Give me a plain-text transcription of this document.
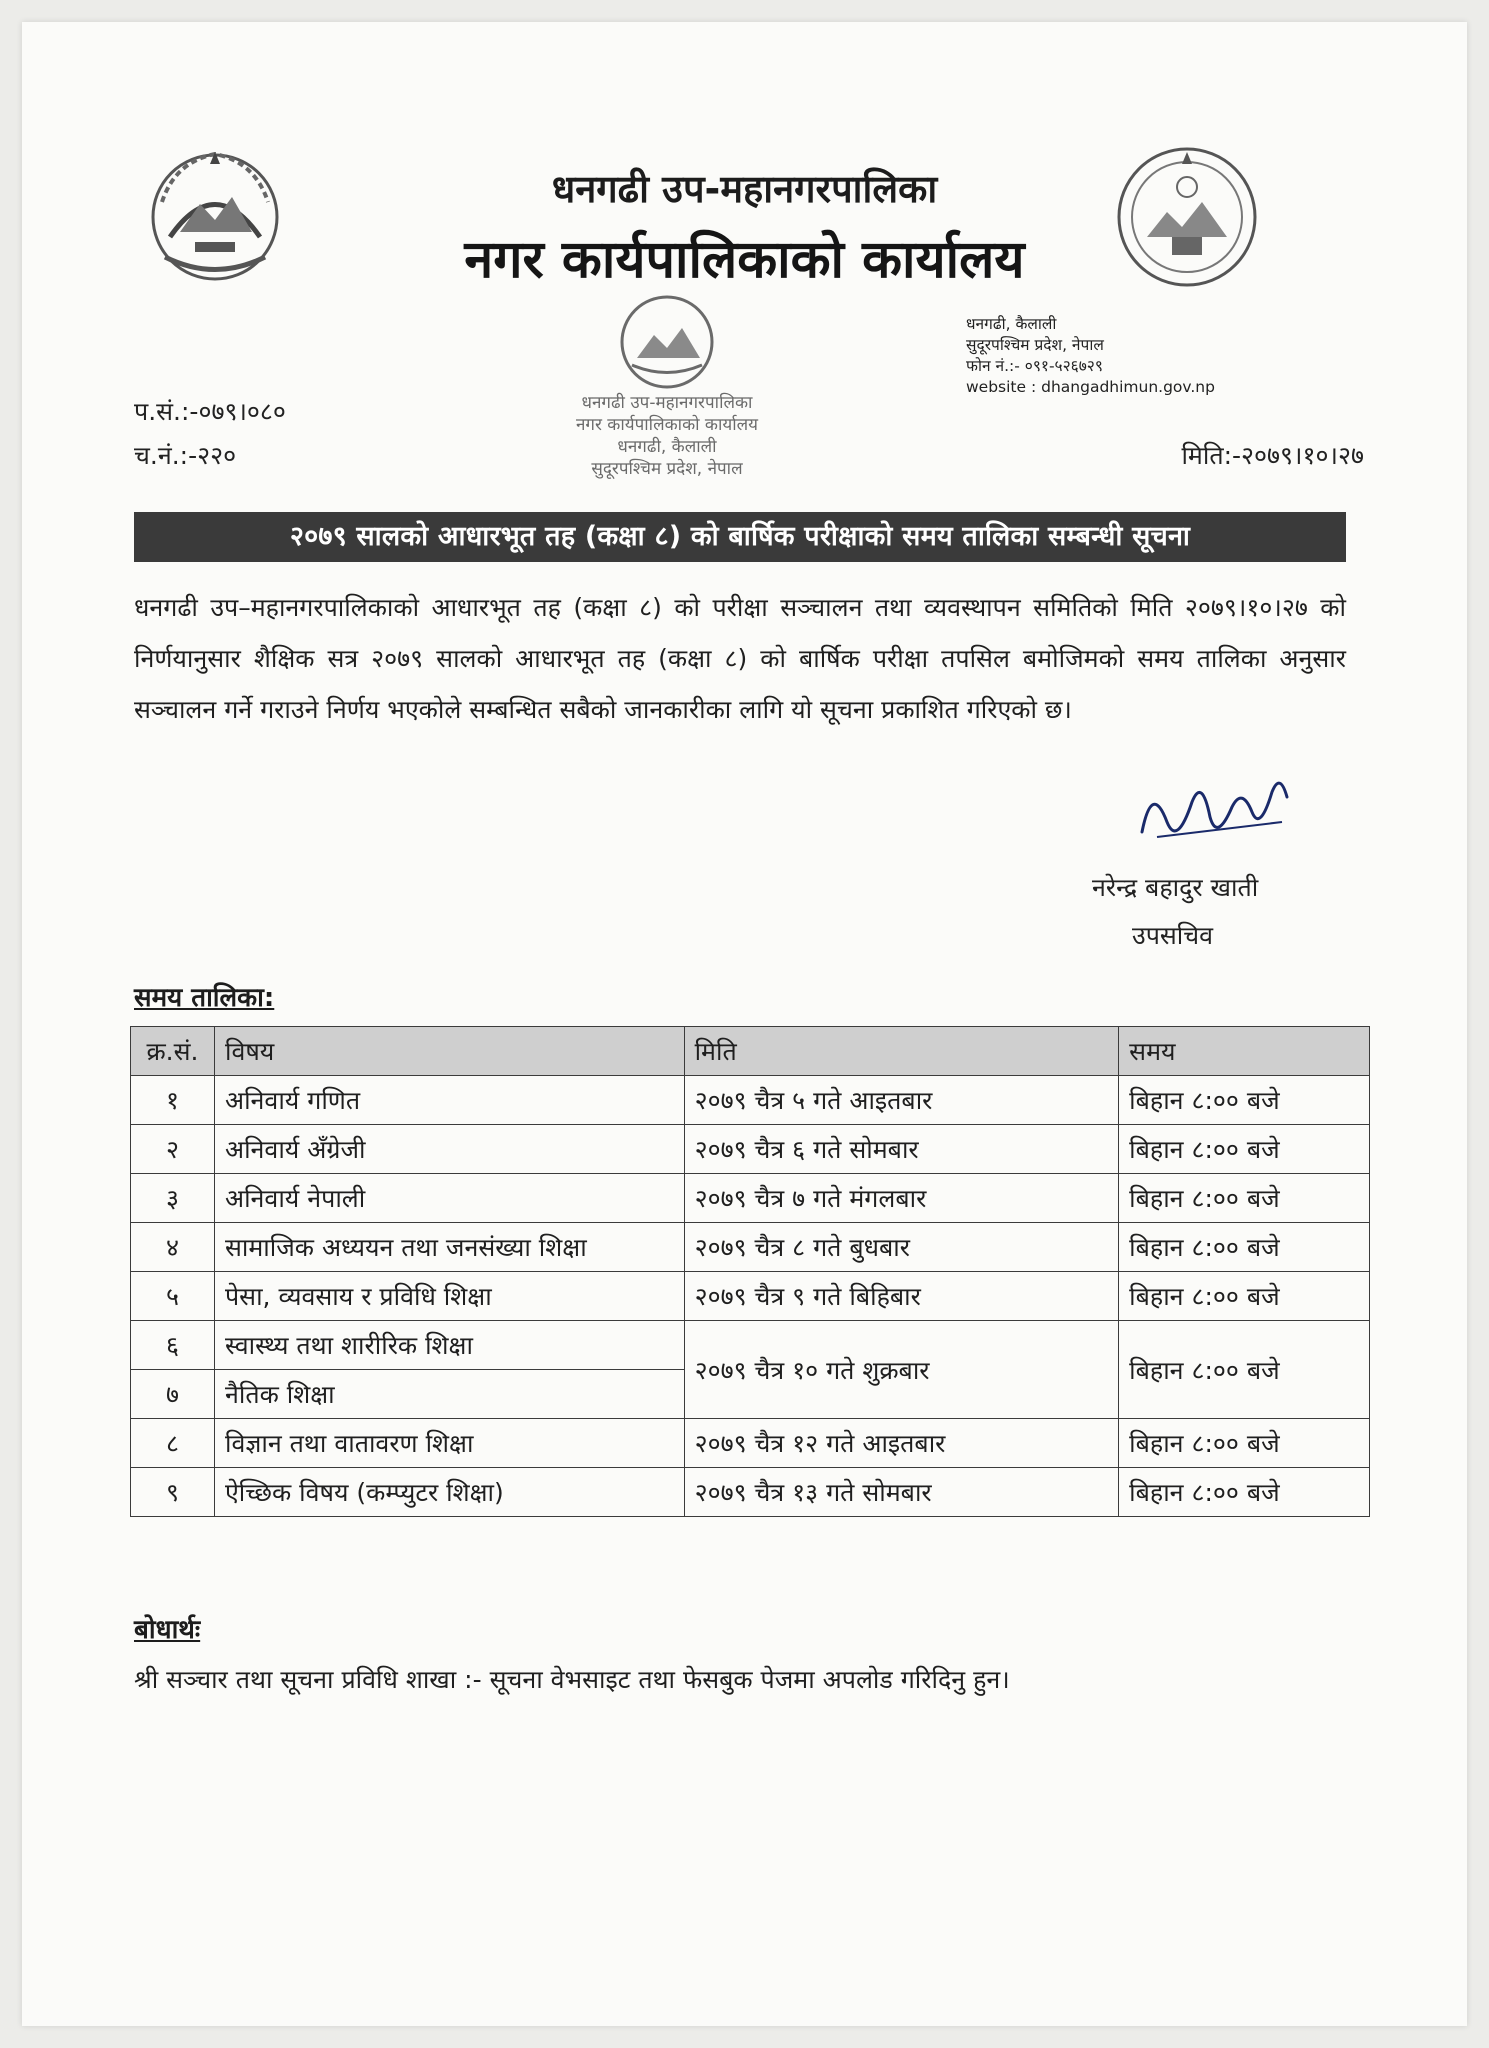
धनगढी उप-महानगरपालिका
नगर कार्यपालिकाको कार्यालय
धनगढी उप-महानगरपालिका
नगर कार्यपालिकाको कार्यालय
धनगढी, कैलाली
सुदूरपश्चिम प्रदेश, नेपाल
धनगढी, कैलाली
सुदूरपश्चिम प्रदेश, नेपाल
फोन नं.:- ०९१-५२६७२९
website : dhangadhimun.gov.np
प.सं.:-०७९।०८०
च.नं.:-२२०	मिति:-२०७९।१०।२७
२०७९ सालको आधारभूत तह (कक्षा ८) को बार्षिक परीक्षाको समय तालिका सम्बन्धी सूचना
धनगढी उप–महानगरपालिकाको आधारभूत तह (कक्षा ८) को परीक्षा सञ्चालन तथा व्यवस्थापन समितिको मिति २०७९।१०।२७ को निर्णयानुसार शैक्षिक सत्र २०७९ सालको आधारभूत तह (कक्षा ८) को बार्षिक परीक्षा तपसिल बमोजिमको समय तालिका अनुसार सञ्चालन गर्ने गराउने निर्णय भएकोले सम्बन्धित सबैको जानकारीका लागि यो सूचना प्रकाशित गरिएको छ।
नरेन्द्र बहादुर खाती
उपसचिव
समय तालिका:
क्र.सं.	विषय	मिति	समय
१	अनिवार्य गणित	२०७९ चैत्र ५ गते आइतबार	बिहान ८:०० बजे
२	अनिवार्य अँग्रेजी	२०७९ चैत्र ६ गते सोमबार	बिहान ८:०० बजे
३	अनिवार्य नेपाली	२०७९ चैत्र ७ गते मंगलबार	बिहान ८:०० बजे
४	सामाजिक अध्ययन तथा जनसंख्या शिक्षा	२०७९ चैत्र ८ गते बुधबार	बिहान ८:०० बजे
५	पेसा, व्यवसाय र प्रविधि शिक्षा	२०७९ चैत्र ९ गते बिहिबार	बिहान ८:०० बजे
६	स्वास्थ्य तथा शारीरिक शिक्षा	२०७९ चैत्र १० गते शुक्रबार	बिहान ८:०० बजे
७	नैतिक शिक्षा		
८	विज्ञान तथा वातावरण शिक्षा	२०७९ चैत्र १२ गते आइतबार	बिहान ८:०० बजे
९	ऐच्छिक विषय (कम्प्युटर शिक्षा)	२०७९ चैत्र १३ गते सोमबार	बिहान ८:०० बजे
बोधार्थः
श्री सञ्चार तथा सूचना प्रविधि शाखा :- सूचना वेभसाइट तथा फेसबुक पेजमा अपलोड गरिदिनु हुन।
